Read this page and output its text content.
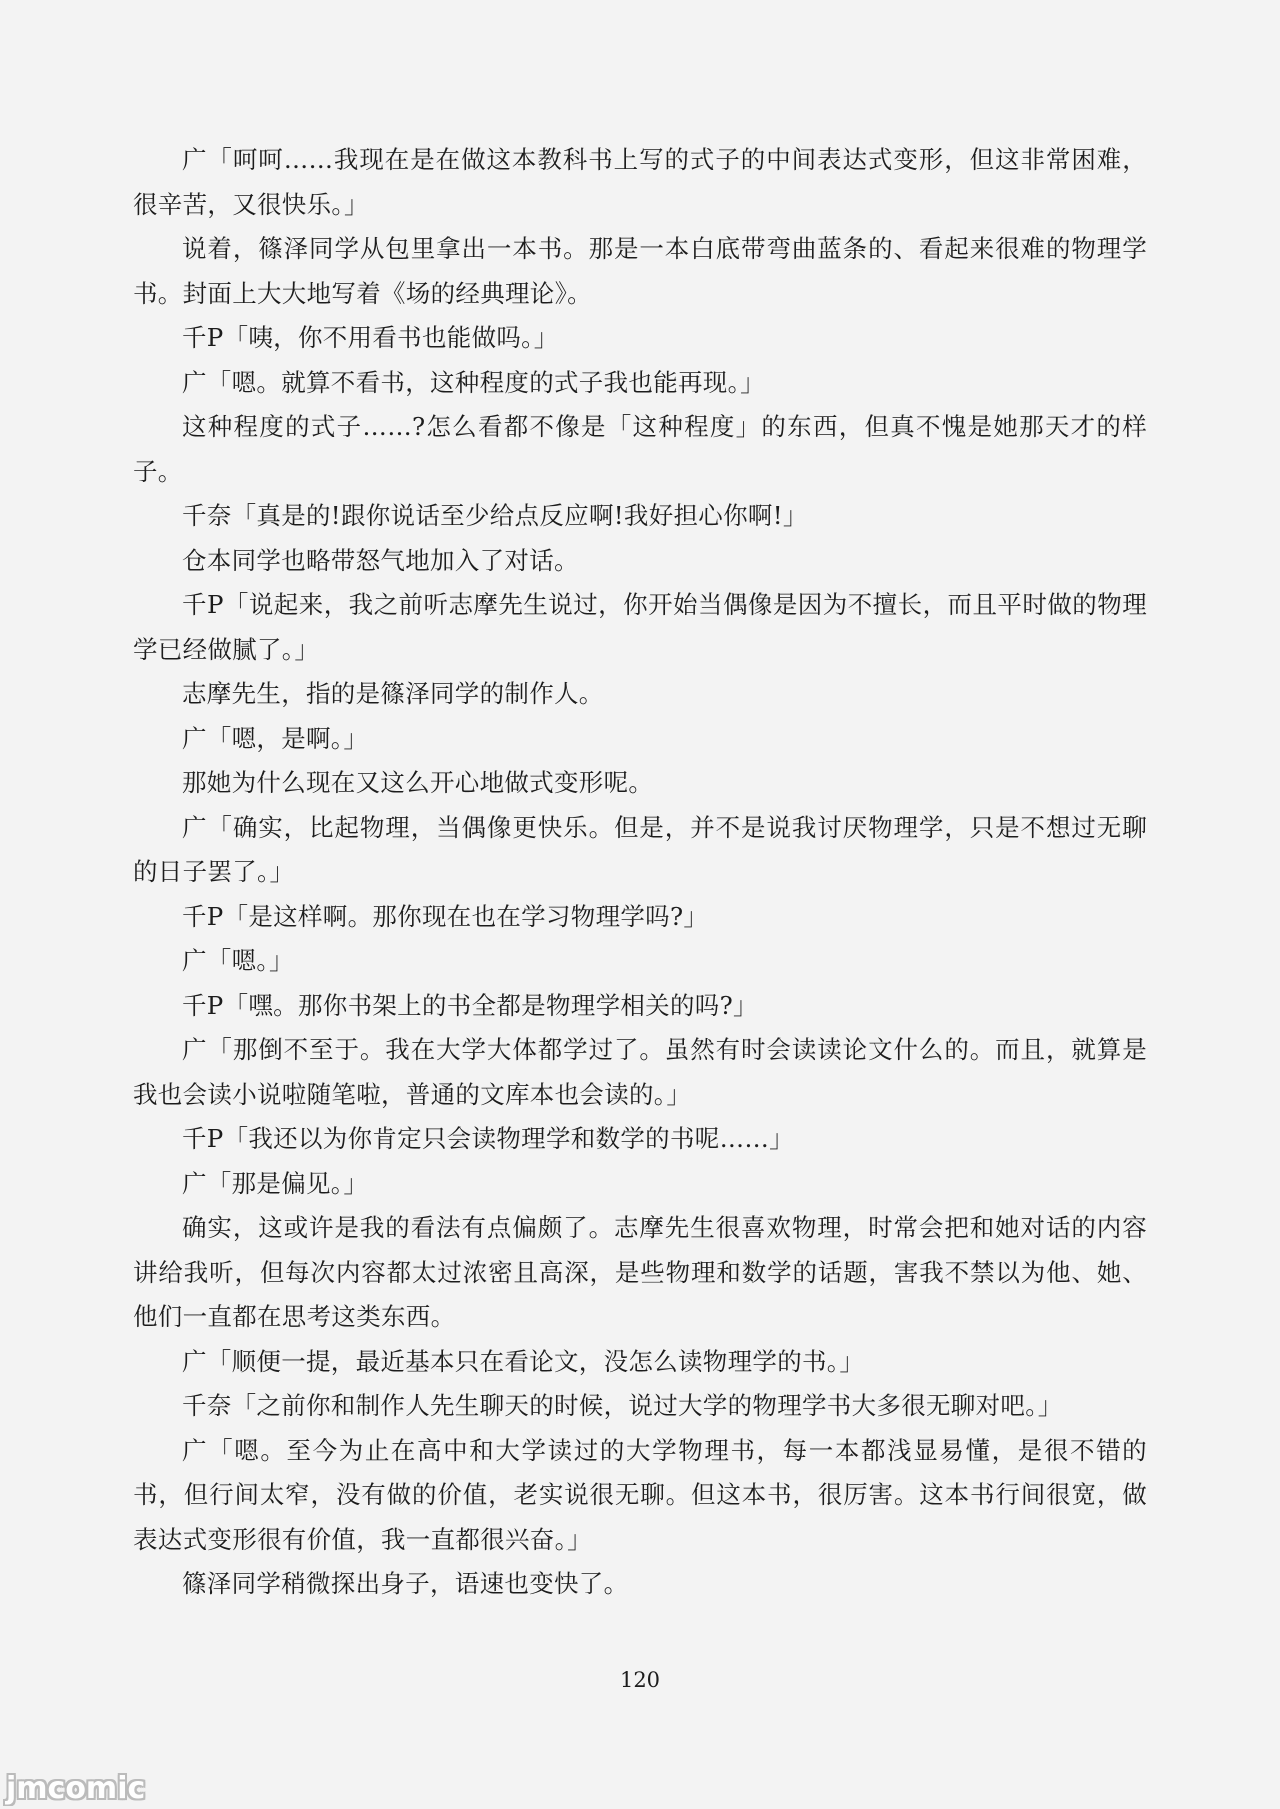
广「呵呵……我现在是在做这本教科书上写的式子的中间表达式变形，但这非常困难，很辛苦，又很快乐。」

说着，篠泽同学从包里拿出一本书。那是一本白底带弯曲蓝条的、看起来很难的物理学书。封面上大大地写着《场的经典理论》。

千P「咦，你不用看书也能做吗。」

广「嗯。就算不看书，这种程度的式子我也能再现。」

这种程度的式子……?怎么看都不像是「这种程度」的东西，但真不愧是她那天才的样子。

千奈「真是的!跟你说话至少给点反应啊!我好担心你啊!」

仓本同学也略带怒气地加入了对话。

千P「说起来，我之前听志摩先生说过，你开始当偶像是因为不擅长，而且平时做的物理学已经做腻了。」

志摩先生，指的是篠泽同学的制作人。

广「嗯，是啊。」

那她为什么现在又这么开心地做式变形呢。

广「确实，比起物理，当偶像更快乐。但是，并不是说我讨厌物理学，只是不想过无聊的日子罢了。」

千P「是这样啊。那你现在也在学习物理学吗?」

广「嗯。」

千P「嘿。那你书架上的书全都是物理学相关的吗?」

广「那倒不至于。我在大学大体都学过了。虽然有时会读读论文什么的。而且，就算是我也会读小说啦随笔啦，普通的文库本也会读的。」

千P「我还以为你肯定只会读物理学和数学的书呢……」

广「那是偏见。」

确实，这或许是我的看法有点偏颇了。志摩先生很喜欢物理，时常会把和她对话的内容讲给我听，但每次内容都太过浓密且高深，是些物理和数学的话题，害我不禁以为他、她、他们一直都在思考这类东西。

广「顺便一提，最近基本只在看论文，没怎么读物理学的书。」

千奈「之前你和制作人先生聊天的时候，说过大学的物理学书大多很无聊对吧。」

广「嗯。至今为止在高中和大学读过的大学物理书，每一本都浅显易懂，是很不错的书，但行间太窄，没有做的价值，老实说很无聊。但这本书，很厉害。这本书行间很宽，做表达式变形很有价值，我一直都很兴奋。」

篠泽同学稍微探出身子，语速也变快了。

120
jmcomic
